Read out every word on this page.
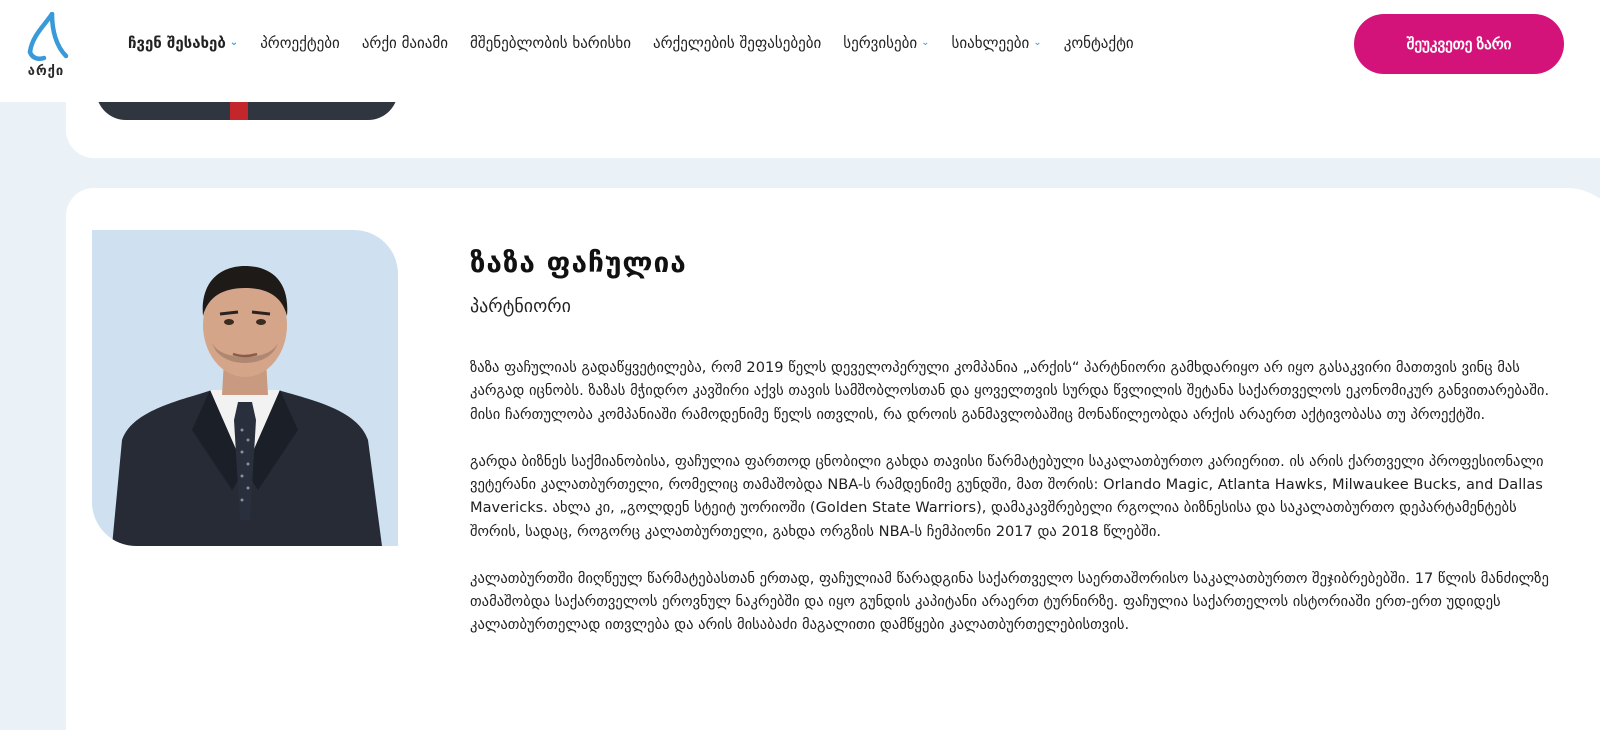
არქი
ჩვენ შესახებ ⌄ პროექტები არქი მაიამი მშენებლობის ხარისხი არქელების შეფასებები სერვისები ⌄ სიახლეები ⌄ კონტაქტი	შეუკვეთე ზარი
ზაზა ფაჩულია
პარტნიორი

ზაზა ფაჩულიას გადაწყვეტილება, რომ 2019 წელს დეველოპერული კომპანია „არქის“ პარტნიორი გამხდარიყო არ იყო გასაკვირი მათთვის ვინც მას კარგად იცნობს. ზაზას მჭიდრო კავშირი აქვს თავის სამშობლოსთან და ყოველთვის სურდა წვლილის შეტანა საქართველოს ეკონომიკურ განვითარებაში. მისი ჩართულობა კომპანიაში რამოდენიმე წელს ითვლის, რა დროის განმავლობაშიც მონაწილეობდა არქის არაერთ აქტივობასა თუ პროექტში.

გარდა ბიზნეს საქმიანობისა, ფაჩულია ფართოდ ცნობილი გახდა თავისი წარმატებული საკალათბურთო კარიერით. ის არის ქართველი პროფესიონალი ვეტერანი კალათბურთელი, რომელიც თამაშობდა NBA-ს რამდენიმე გუნდში, მათ შორის: Orlando Magic, Atlanta Hawks, Milwaukee Bucks, and Dallas Mavericks. ახლა კი, „გოლდენ სტეიტ უორიოში (Golden State Warriors), დამაკავშრებელი რგოლია ბიზნესისა და საკალათბურთო დეპარტამენტებს შორის, სადაც, როგორც კალათბურთელი, გახდა ორგზის NBA-ს ჩემპიონი 2017 და 2018 წლებში.

კალათბურთში მიღწეულ წარმატებასთან ერთად, ფაჩულიამ წარადგინა საქართველო საერთაშორისო საკალათბურთო შეჯიბრებებში. 17 წლის მანძილზე თამაშობდა საქართველოს ეროვნულ ნაკრებში და იყო გუნდის კაპიტანი არაერთ ტურნირზე. ფაჩულია საქართელოს ისტორიაში ერთ-ერთ უდიდეს კალათბურთელად ითვლება და არის მისაბაძი მაგალითი დამწყები კალათბურთელებისთვის.
